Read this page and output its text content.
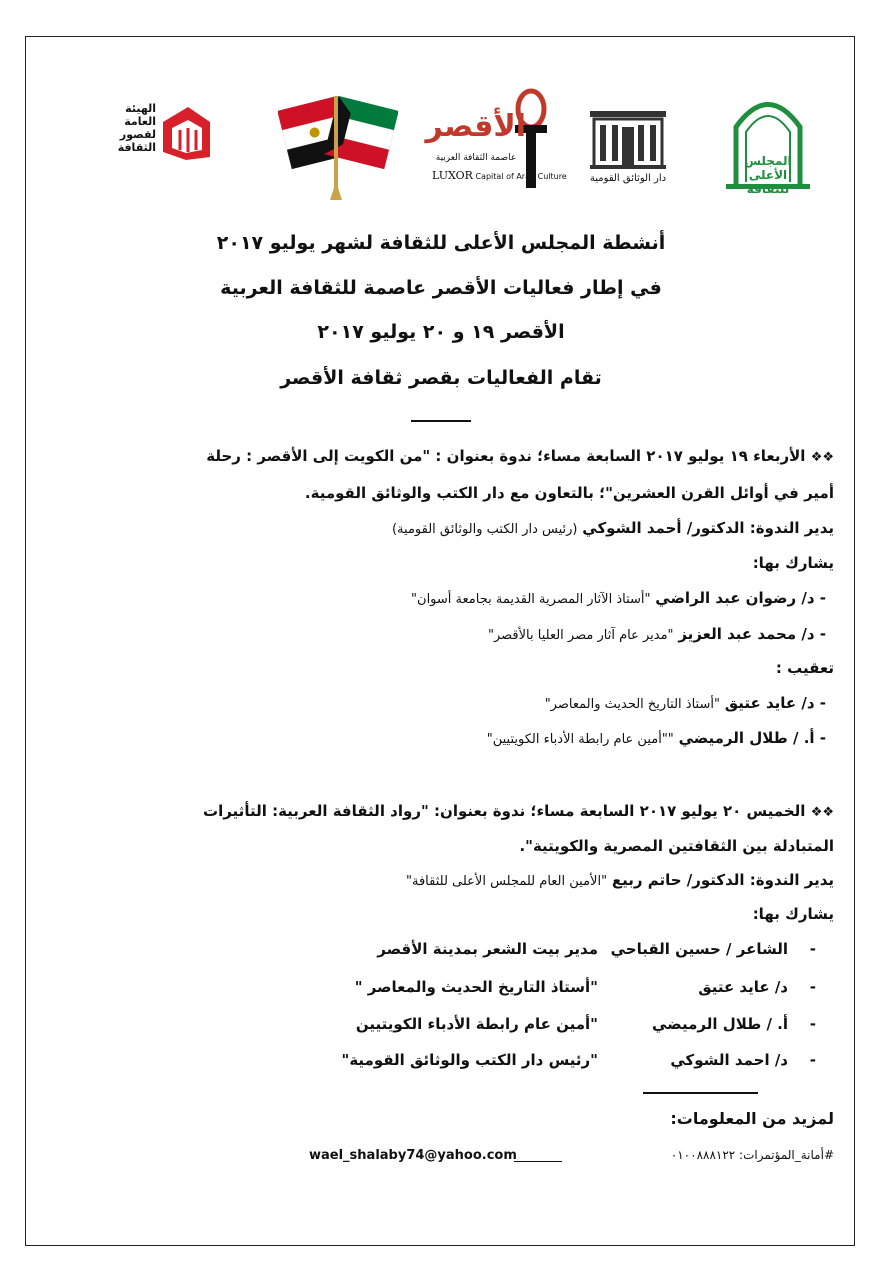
الهيئة
العامة
لقصور
الثقافة
الأقصر
عاصمة الثقافة العربية
LUXOR Capital of Arab Culture	دار الوثائق القومية
المجلس الأعلى للثقافة
أنشطة المجلس الأعلى للثقافة لشهر يوليو ٢٠١٧
في إطار فعاليات الأقصر عاصمة للثقافة العربية
الأقصر ١٩ و ٢٠ يوليو ٢٠١٧
تقام الفعاليات بقصر ثقافة الأقصر
❖❖ الأربعاء ١٩ يوليو ٢٠١٧ السابعة مساء؛ ندوة بعنوان : "من الكويت إلى الأقصر : رحلة
أمير في أوائل القرن العشرين"؛ بالتعاون مع دار الكتب والوثائق القومية.
يدير الندوة: الدكتور/ أحمد الشوكي (رئيس دار الكتب والوثائق القومية)
يشارك بها:
- د/ رضوان عبد الراضي "أستاذ الآثار المصرية القديمة بجامعة أسوان"
- د/ محمد عبد العزيز "مدير عام آثار مصر العليا بالأقصر"
تعقيب :
- د/ عايد عتيق "أستاذ التاريخ الحديث والمعاصر"
- أ. / طلال الرميضي ""أمين عام رابطة الأدباء الكويتيين"
❖❖ الخميس ٢٠ يوليو ٢٠١٧ السابعة مساء؛ ندوة بعنوان: "رواد الثقافة العربية: التأثيرات
المتبادلة بين الثقافتين المصرية والكويتية".
يدير الندوة: الدكتور/ حاتم ربيع "الأمين العام للمجلس الأعلى للثقافة"
يشارك بها:
-الشاعر / حسين القباحيمدير بيت الشعر بمدينة الأقصر
-د/ عايد عتيق"أستاذ التاريخ الحديث والمعاصر "
-أ. / طلال الرميضي"أمين عام رابطة الأدباء الكويتيين
-د/ احمد الشوكي"رئيس دار الكتب والوثائق القومية"
لمزيد من المعلومات:
#أمانة_المؤتمرات: ٠١٠٠٨٨٨١٢٢
wael_shalaby74@yahoo.com
